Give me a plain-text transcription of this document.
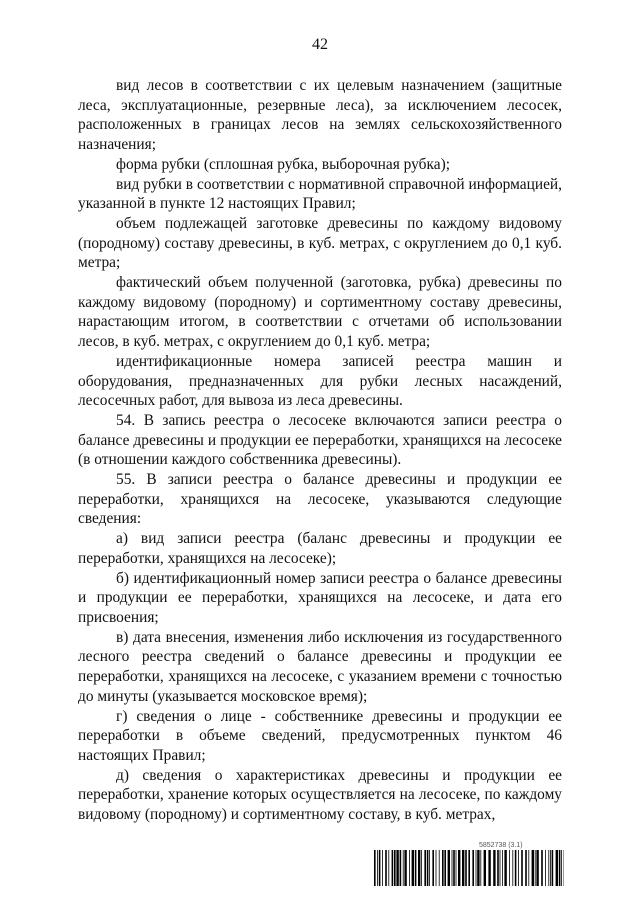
42

вид лесов в соответствии с их целевым назначением (защитные леса, эксплуатационные, резервные леса), за исключением лесосек, расположенных в границах лесов на землях сельскохозяйственного назначения;

форма рубки (сплошная рубка, выборочная рубка);

вид рубки в соответствии с нормативной справочной информацией, указанной в пункте 12 настоящих Правил;

объем подлежащей заготовке древесины по каждому видовому (породному) составу древесины, в куб. метрах, с округлением до 0,1 куб. метра;

фактический объем полученной (заготовка, рубка) древесины по каждому видовому (породному) и сортиментному составу древесины, нарастающим итогом, в соответствии с отчетами об использовании лесов, в куб. метрах, с округлением до 0,1 куб. метра;

идентификационные номера записей реестра машин и оборудования, предназначенных для рубки лесных насаждений, лесосечных работ, для вывоза из леса древесины.

54. В запись реестра о лесосеке включаются записи реестра о балансе древесины и продукции ее переработки, хранящихся на лесосеке (в отношении каждого собственника древесины).

55. В записи реестра о балансе древесины и продукции ее переработки, хранящихся на лесосеке, указываются следующие сведения:

а) вид записи реестра (баланс древесины и продукции ее переработки, хранящихся на лесосеке);

б) идентификационный номер записи реестра о балансе древесины и продукции ее переработки, хранящихся на лесосеке, и дата его присвоения;

в) дата внесения, изменения либо исключения из государственного лесного реестра сведений о балансе древесины и продукции ее переработки, хранящихся на лесосеке, с указанием времени с точностью до минуты (указывается московское время);

г) сведения о лице - собственнике древесины и продукции ее переработки в объеме сведений, предусмотренных пунктом 46 настоящих Правил;

д) сведения о характеристиках древесины и продукции ее переработки, хранение которых осуществляется на лесосеке, по каждому видовому (породному) и сортиментному составу, в куб. метрах,

5852738 (3.1)
